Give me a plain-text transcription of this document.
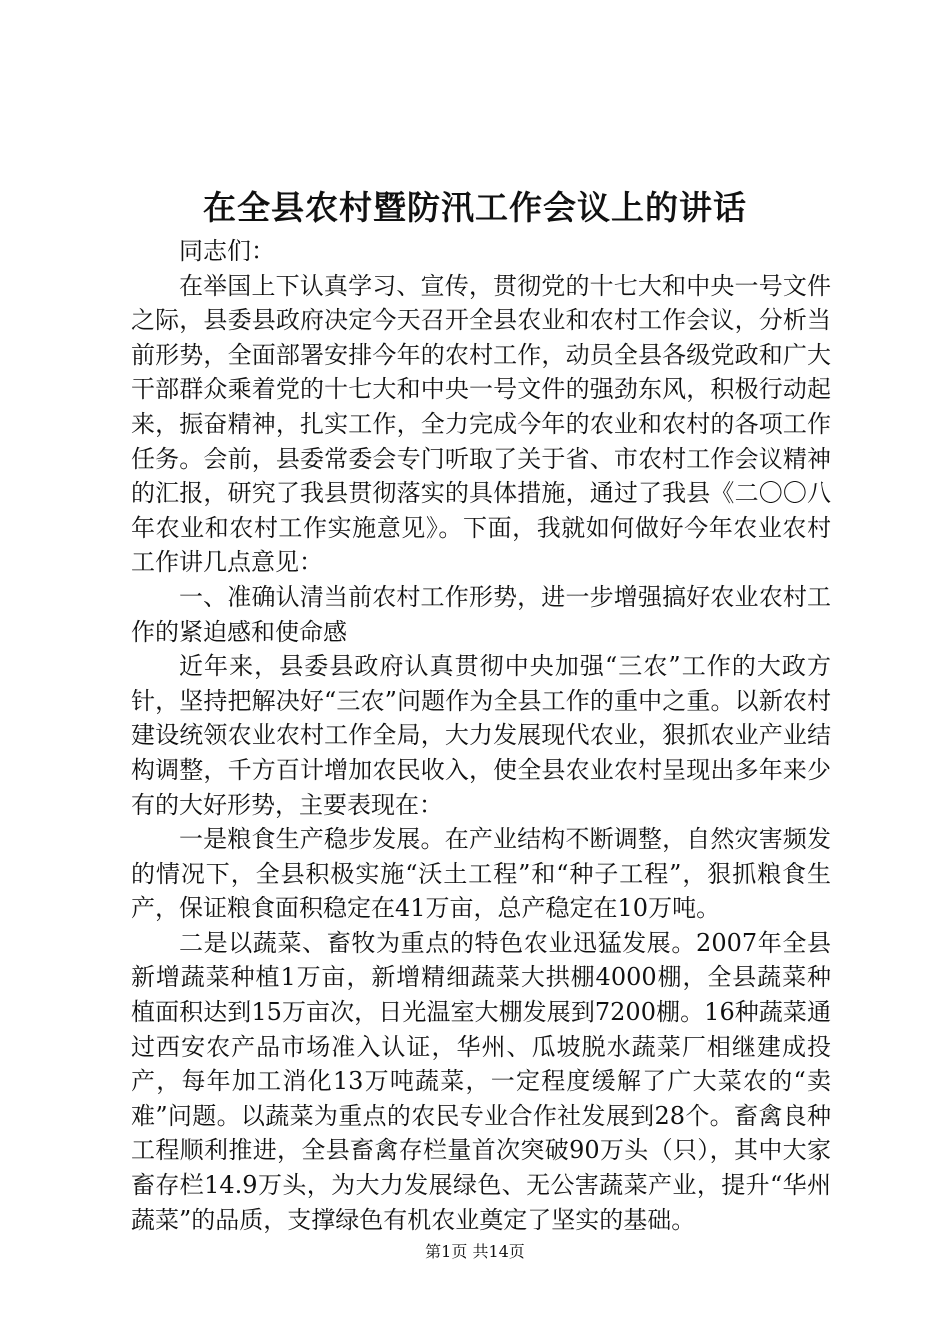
在全县农村暨防汛工作会议上的讲话

同志们：

在举国上下认真学习、宣传，贯彻党的十七大和中央一号文件之际，县委县政府决定今天召开全县农业和农村工作会议，分析当前形势，全面部署安排今年的农村工作，动员全县各级党政和广大干部群众乘着党的十七大和中央一号文件的强劲东风，积极行动起来，振奋精神，扎实工作，全力完成今年的农业和农村的各项工作任务。会前，县委常委会专门听取了关于省、市农村工作会议精神的汇报，研究了我县贯彻落实的具体措施，通过了我县《二〇〇八年农业和农村工作实施意见》。下面，我就如何做好今年农业农村工作讲几点意见：

一、准确认清当前农村工作形势，进一步增强搞好农业农村工作的紧迫感和使命感

近年来，县委县政府认真贯彻中央加强“三农”工作的大政方针，坚持把解决好“三农”问题作为全县工作的重中之重。以新农村建设统领农业农村工作全局，大力发展现代农业，狠抓农业产业结构调整，千方百计增加农民收入，使全县农业农村呈现出多年来少有的大好形势，主要表现在：

一是粮食生产稳步发展。在产业结构不断调整，自然灾害频发的情况下，全县积极实施“沃土工程”和“种子工程”，狠抓粮食生产，保证粮食面积稳定在41万亩，总产稳定在10万吨。

二是以蔬菜、畜牧为重点的特色农业迅猛发展。2007年全县新增蔬菜种植1万亩，新增精细蔬菜大拱棚4000棚，全县蔬菜种植面积达到15万亩次，日光温室大棚发展到7200棚。16种蔬菜通过西安农产品市场准入认证，华州、瓜坡脱水蔬菜厂相继建成投产，每年加工消化13万吨蔬菜，一定程度缓解了广大菜农的“卖难”问题。以蔬菜为重点的农民专业合作社发展到28个。畜禽良种工程顺利推进，全县畜禽存栏量首次突破90万头（只），其中大家畜存栏14.9万头，为大力发展绿色、无公害蔬菜产业，提升“华州蔬菜”的品质，支撑绿色有机农业奠定了坚实的基础。

第1页 共14页
